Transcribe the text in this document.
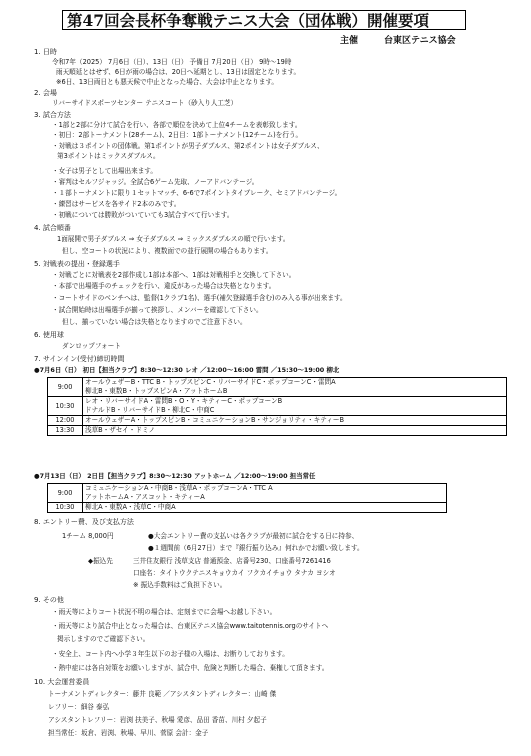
第47回会長杯争奪戦テニス大会（団体戦）開催要項
主催	台東区テニス協会
1. 日時
令和7年（2025） 7月6日（日）、13日（日） 予備日 7月20日（日） 9時～19時
雨天順延とはせず、6日が雨の場合は、20日へ延期とし、13日は固定となります。
※6日、13日両日とも悪天候で中止となった場合、大会は中止となります。
2. 会場
リバーサイドスポーツセンター テニスコート（砂入り人工芝）
3. 試合方法
・1部と2部に分けて試合を行い、各部で順位を決めて上位4チームを表彰致します。
・初日：2部トーナメント(28チーム)、2日目：1部トーナメント(12チーム)を行う。
・対戦は３ポイントの団体戦。第1ポイントが男子ダブルス、第2ポイントは女子ダブルス、
第3ポイントはミックスダブルス。
・女子は男子として出場出来ます。
・審判はセルフジャッジ。全試合6ゲーム先取、ノーアドバンテージ。
・１部トーナメントに限り１セットマッチ、6-6で7ポイントタイブレーク、セミアドバンテージ。
・練習はサービスを各サイド2本のみです。
・初戦については勝敗がついていても3試合すべて行います。
4. 試合順番
1面展開で男子ダブルス ⇒ 女子ダブルス ⇒ ミックスダブルスの順で行います。
但し、空コートの状況により、複数面での並行展開の場合もあります。
5. 対戦表の提出・登録選手
・対戦ごとに対戦表を2部作成し1部は本部へ、1部は対戦相手と交換して下さい。
・本部で出場選手のチェックを行い、違反があった場合は失格となります。
・コートサイドのベンチへは、監督(1クラブ1名)、選手(補欠登録選手含む)のみ入る事が出来ます。
・試合開始時は出場選手が揃って挨拶し、メンバーを確認して下さい。
但し、揃っていない場合は失格となりますのでご注意下さい。
6. 使用球
ダンロップフォート
7. サインイン(受付)締切時間
●7月6日（日） 初日【担当クラブ】8:30～12:30 レオ ／12:00～16:00 雷問 ／15:30～19:00 柳北
9:00	オールウェザーB・TTC B・トップスピンC・リバーサイドC・ポップコーンC・雷問A
柳北B・東数B・トップスピンA・アットホームB

10:30	レオ・リバーサイドA・雷問B・O・Y・キティーC・ポップコーンB
ドナルドB・リバーサイドB・柳北C・中商C

12:00	オールウェザーA・トップスピンB・コミュニケーションB・サンジョリティ・キティーB

13:30	浅草B・ザセイ・ドミノ
●7月13日（日） 2日目【担当クラブ】8:30～12:30 アットホーム ／12:00～19:00 担当常任
9:00	コミュニケーションA・中商B・浅草A・ポップコーンA・TTC A
アットホームA・アスコット・キティーA

10:30	柳北A・東数A・浅草C・中商A
8. エントリー費、及び支払方法
1チーム 8,000円	●大会エントリー費の支払いは各クラブが最初に試合をする日に持参、
●１週間前（6月27日）まで『銀行振り込み』何れかでお願い致します。
◆振込先	三井住友銀行 浅草支店 普通預金、店番号230、口座番号7261416
口座名：タイトウクテニスキョウカイ フクカイチョウ タナカ ヨシオ
※ 振込手数料はご負担下さい。
9. その他
・雨天等によりコート状況不明の場合は、定刻までに会場へお越し下さい。
・雨天等により試合中止となった場合は、台東区テニス協会www.taitotennis.orgのサイトへ
掲示しますのでご確認下さい。
・安全上、コート内へ小学３年生以下のお子様の入場は、お断りしております。
・熱中症には各自対策をお願いしますが、試合中、危険と判断した場合、棄権して頂きます。
10. 大会運営委員
トーナメントディレクター：藤井 良範 ／アシスタントディレクター：山崎 傑
レフリー：細谷 泰弘
アシスタントレフリー：岩渕 扶美子、秋場 愛彦、品田 香苗、川村 夕起子
担当常任：坂倉、岩渕、秋場、早川、菅原 会計：金子
